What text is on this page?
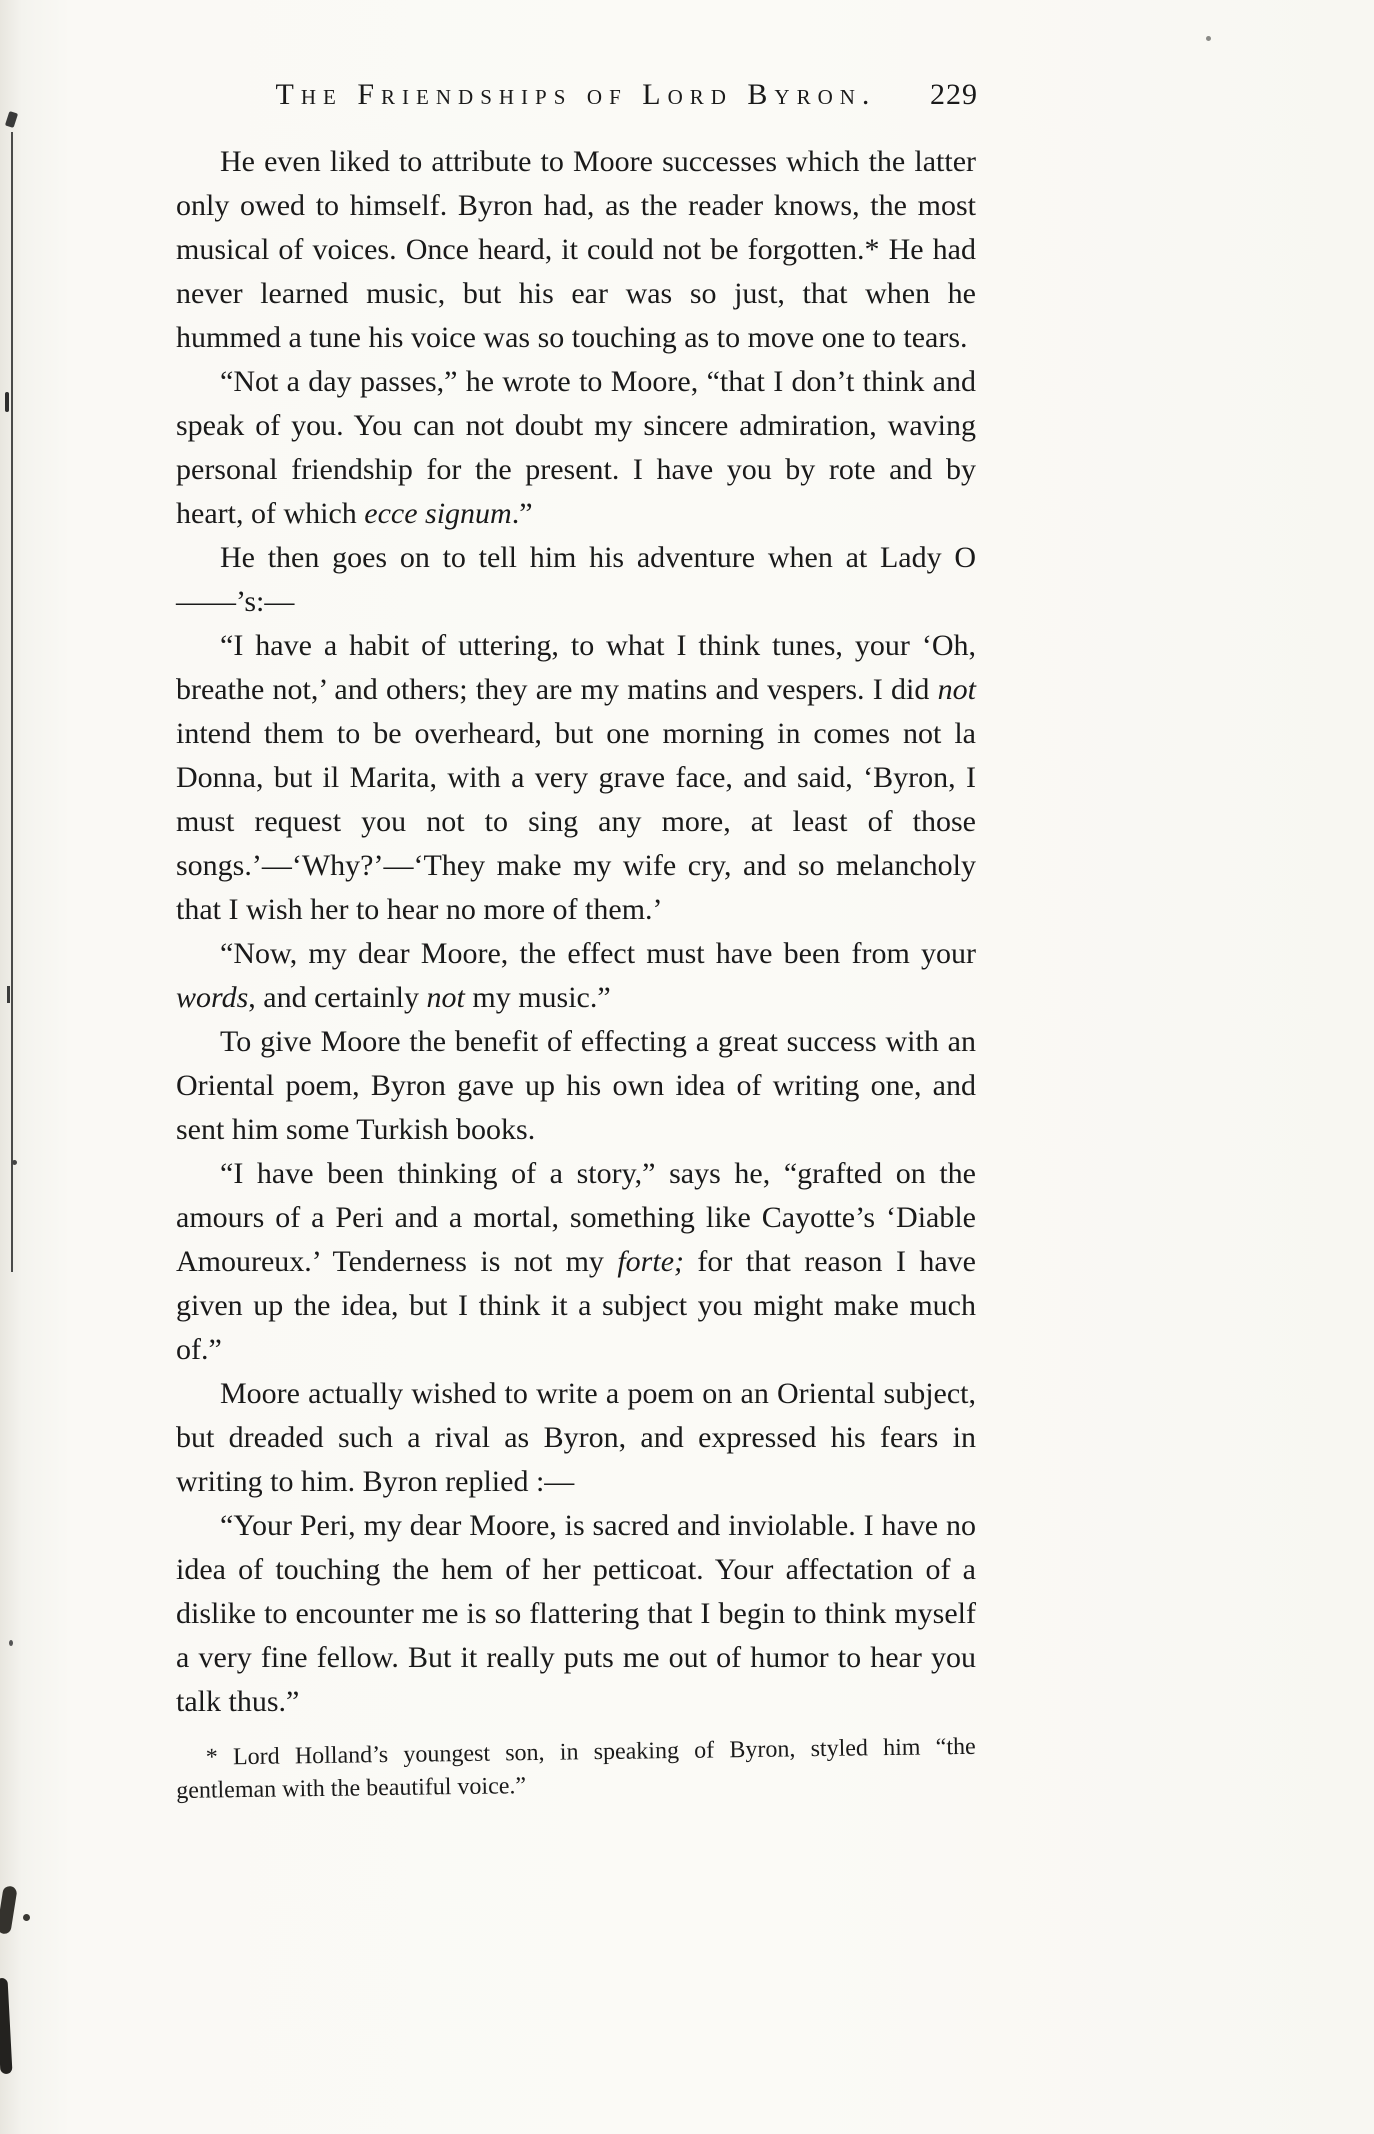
The Friendships of Lord Byron.	229

He even liked to attribute to Moore successes which the latter only owed to himself. Byron had, as the reader knows, the most musical of voices. Once heard, it could not be forgotten.* He had never learned music, but his ear was so just, that when he hummed a tune his voice was so touching as to move one to tears.

“Not a day passes,” he wrote to Moore, “that I don’t think and speak of you. You can not doubt my sincere admiration, waving personal friendship for the present. I have you by rote and by heart, of which ecce signum.”

He then goes on to tell him his adventure when at Lady O——’s:—

“I have a habit of uttering, to what I think tunes, your ‘Oh, breathe not,’ and others; they are my matins and vespers. I did not intend them to be overheard, but one morning in comes not la Donna, but il Marita, with a very grave face, and said, ‘Byron, I must request you not to sing any more, at least of those songs.’—‘Why?’—‘They make my wife cry, and so melancholy that I wish her to hear no more of them.’

“Now, my dear Moore, the effect must have been from your words, and certainly not my music.”

To give Moore the benefit of effecting a great success with an Oriental poem, Byron gave up his own idea of writing one, and sent him some Turkish books.

“I have been thinking of a story,” says he, “grafted on the amours of a Peri and a mortal, something like Cayotte’s ‘Diable Amoureux.’ Tenderness is not my forte; for that reason I have given up the idea, but I think it a subject you might make much of.”

Moore actually wished to write a poem on an Oriental subject, but dreaded such a rival as Byron, and expressed his fears in writing to him. Byron replied :—

“Your Peri, my dear Moore, is sacred and inviolable. I have no idea of touching the hem of her petticoat. Your affectation of a dislike to encounter me is so flattering that I begin to think myself a very fine fellow. But it really puts me out of humor to hear you talk thus.”

* Lord Holland’s youngest son, in speaking of Byron, styled him “the gentleman with the beautiful voice.”
